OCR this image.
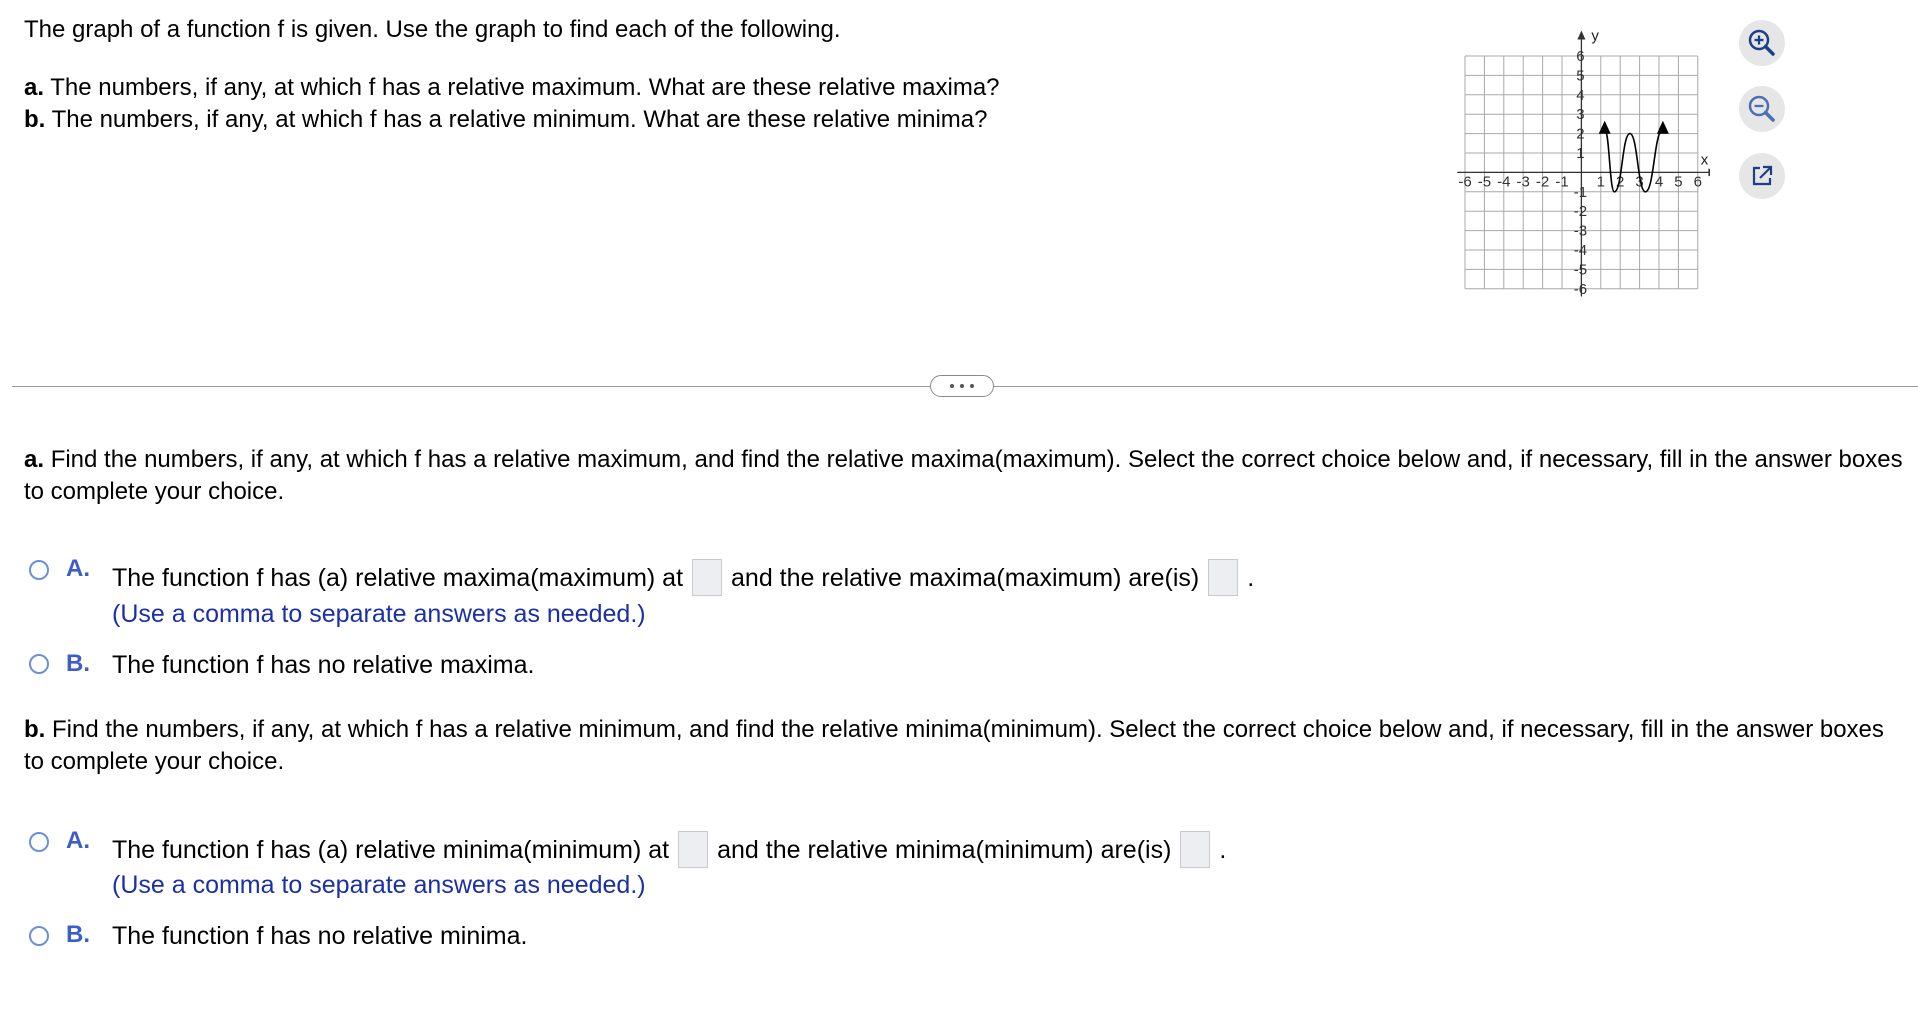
The graph of a function f is given. Use the graph to find each of the following.
a. The numbers, if any, at which f has a relative maximum. What are these relative maxima?
b. The numbers, if any, at which f has a relative minimum. What are these relative minima?
-6 -5 -4 -3 -2 -1 1 2 3 4 5 6
6
5
4
3
2
1
-1
-2
-3
-4
-5
-6
x
y
a. Find the numbers, if any, at which f has a relative maximum, and find the relative maxima(maximum). Select the correct choice below and, if necessary, fill in the answer boxes to complete your choice.
A. The function f has (a) relative maxima(maximum) at and the relative maxima(maximum) are(is) .
(Use a comma to separate answers as needed.)
B. The function f has no relative maxima.
b. Find the numbers, if any, at which f has a relative minimum, and find the relative minima(minimum). Select the correct choice below and, if necessary, fill in the answer boxes to complete your choice.
A. The function f has (a) relative minima(minimum) at and the relative minima(minimum) are(is) .
(Use a comma to separate answers as needed.)
B. The function f has no relative minima.
